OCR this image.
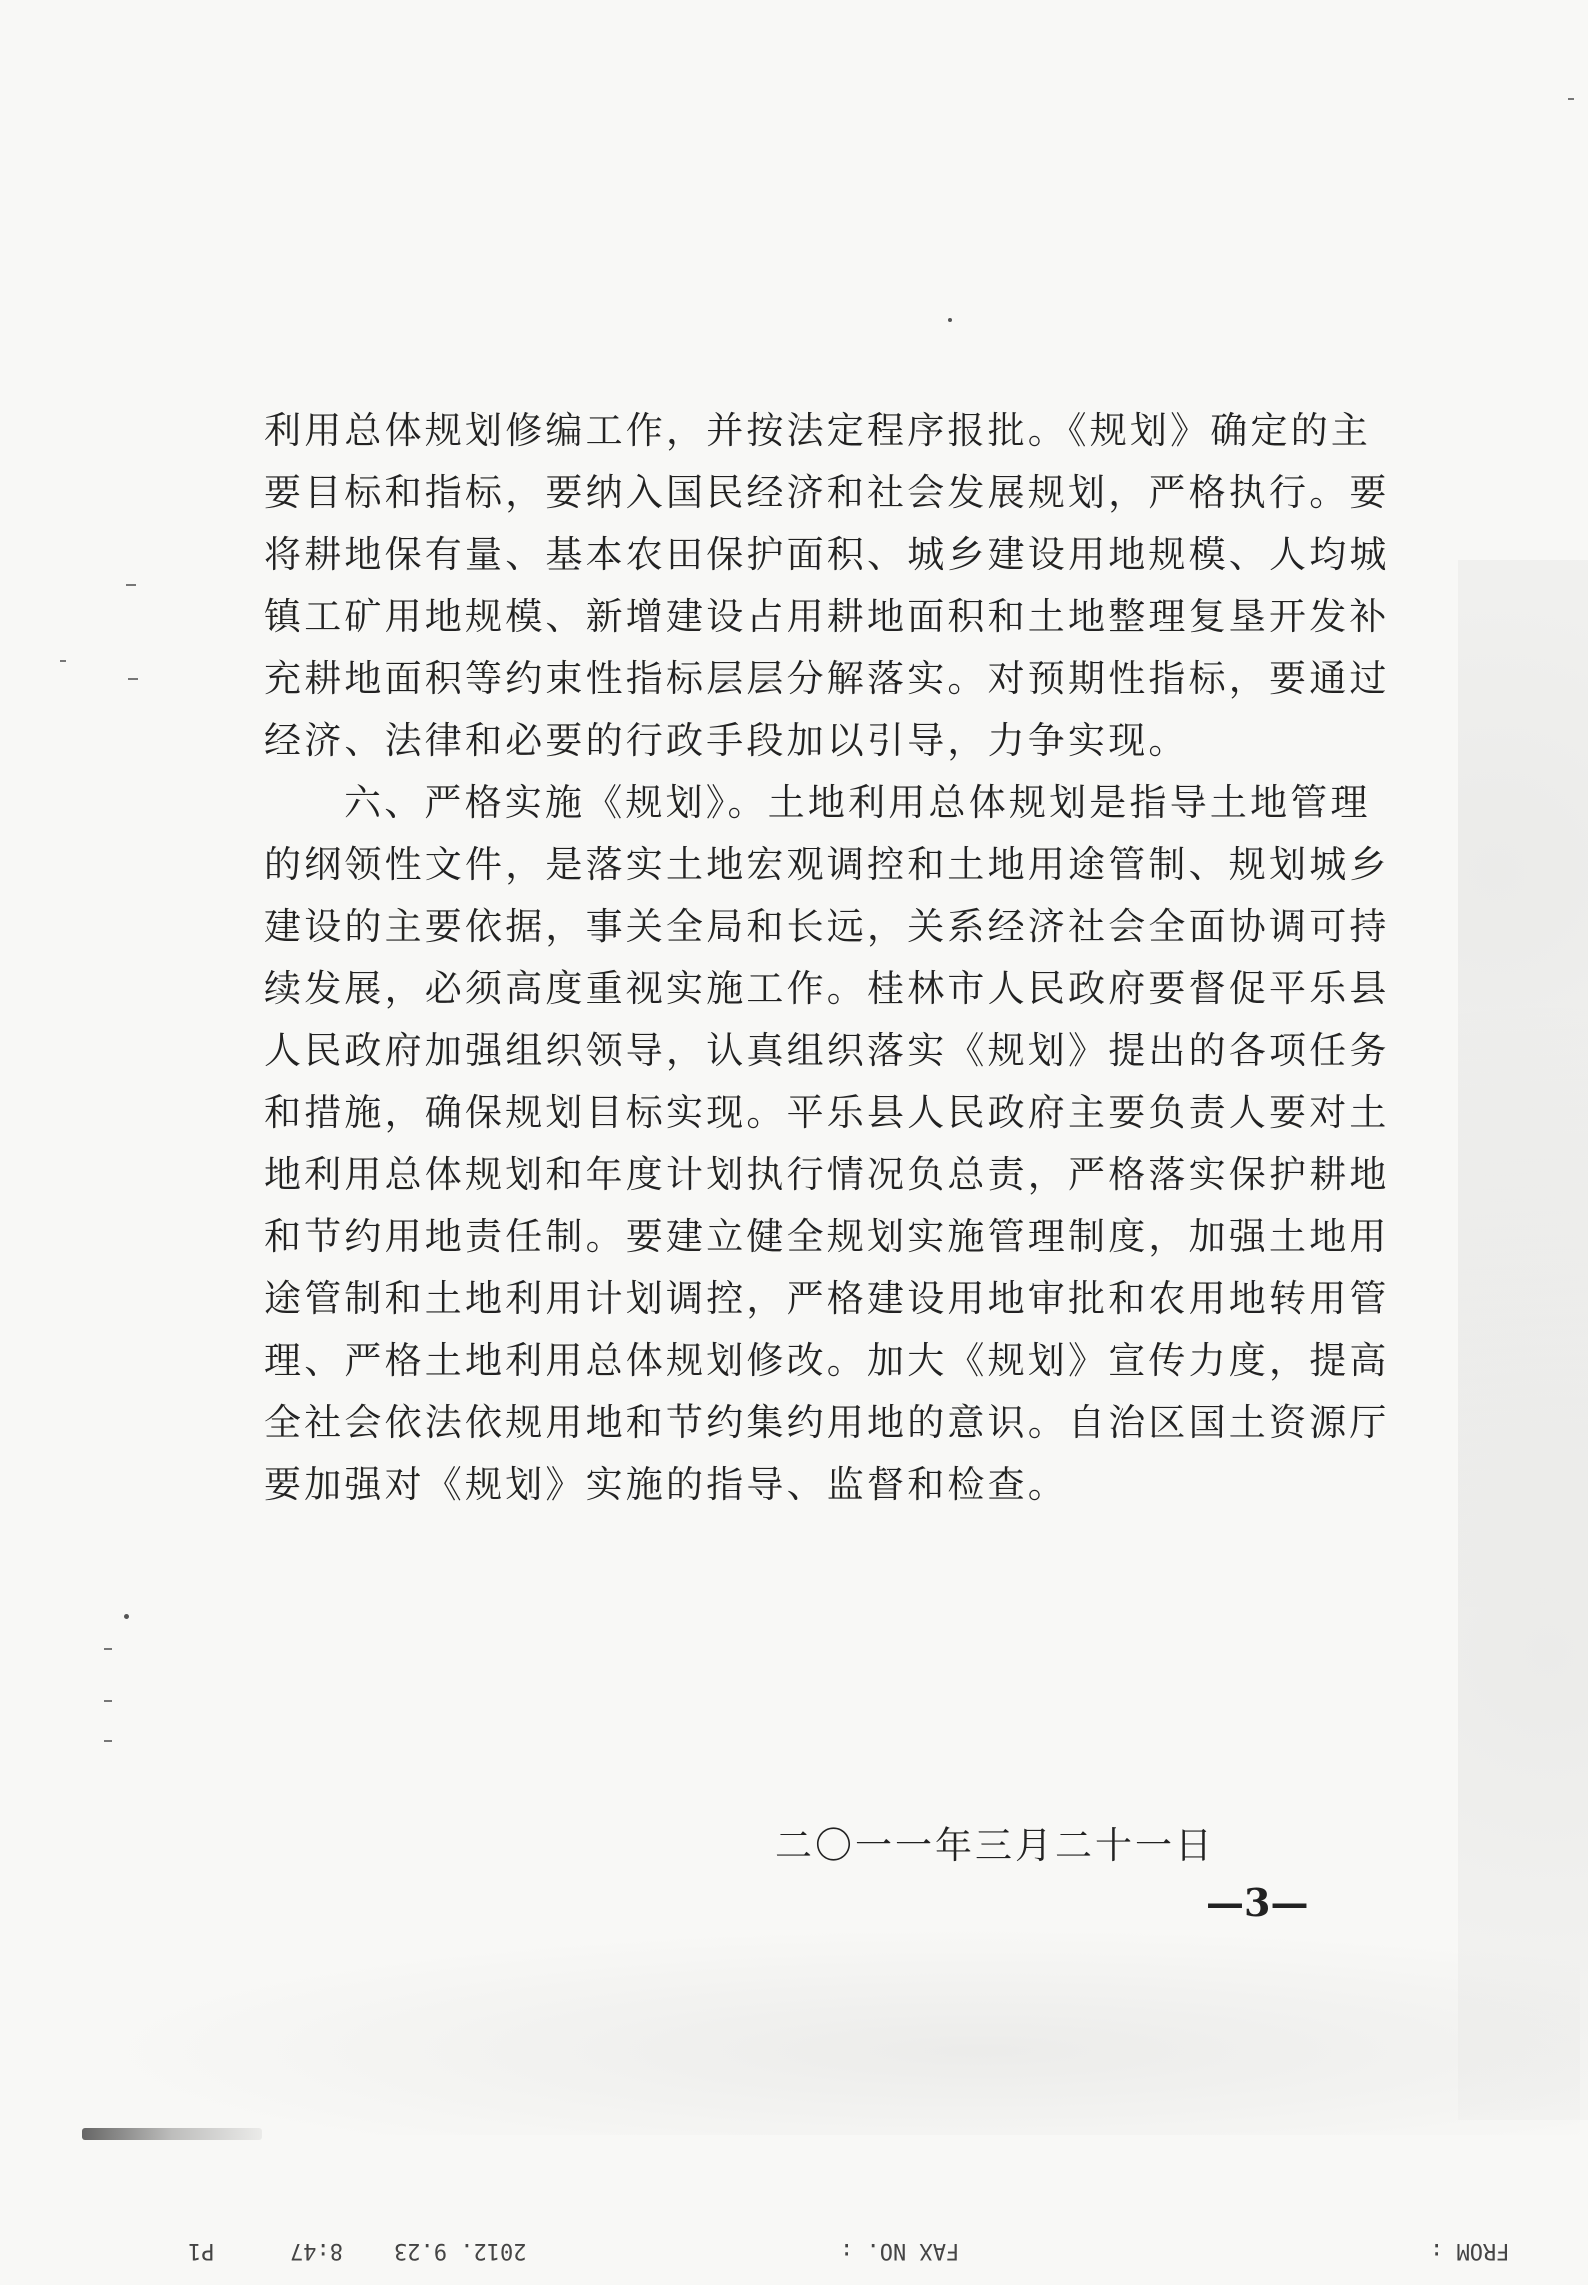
利用总体规划修编工作，并按法定程序报批。《规划》确定的主
要目标和指标，要纳入国民经济和社会发展规划，严格执行。要
将耕地保有量、基本农田保护面积、城乡建设用地规模、人均城
镇工矿用地规模、新增建设占用耕地面积和土地整理复垦开发补
充耕地面积等约束性指标层层分解落实。对预期性指标，要通过
经济、法律和必要的行政手段加以引导，力争实现。
六、严格实施《规划》。土地利用总体规划是指导土地管理
的纲领性文件，是落实土地宏观调控和土地用途管制、规划城乡
建设的主要依据，事关全局和长远，关系经济社会全面协调可持
续发展，必须高度重视实施工作。桂林市人民政府要督促平乐县
人民政府加强组织领导，认真组织落实《规划》提出的各项任务
和措施，确保规划目标实现。平乐县人民政府主要负责人要对土
地利用总体规划和年度计划执行情况负总责，严格落实保护耕地
和节约用地责任制。要建立健全规划实施管理制度，加强土地用
途管制和土地利用计划调控，严格建设用地审批和农用地转用管
理、严格土地利用总体规划修改。加大《规划》宣传力度，提高
全社会依法依规用地和节约集约用地的意识。自治区国土资源厅
要加强对《规划》实施的指导、监督和检查。
二〇一一年三月二十一日
—3—
P1	8:47 2012. 9.23	FAX NO. :	FROM :
